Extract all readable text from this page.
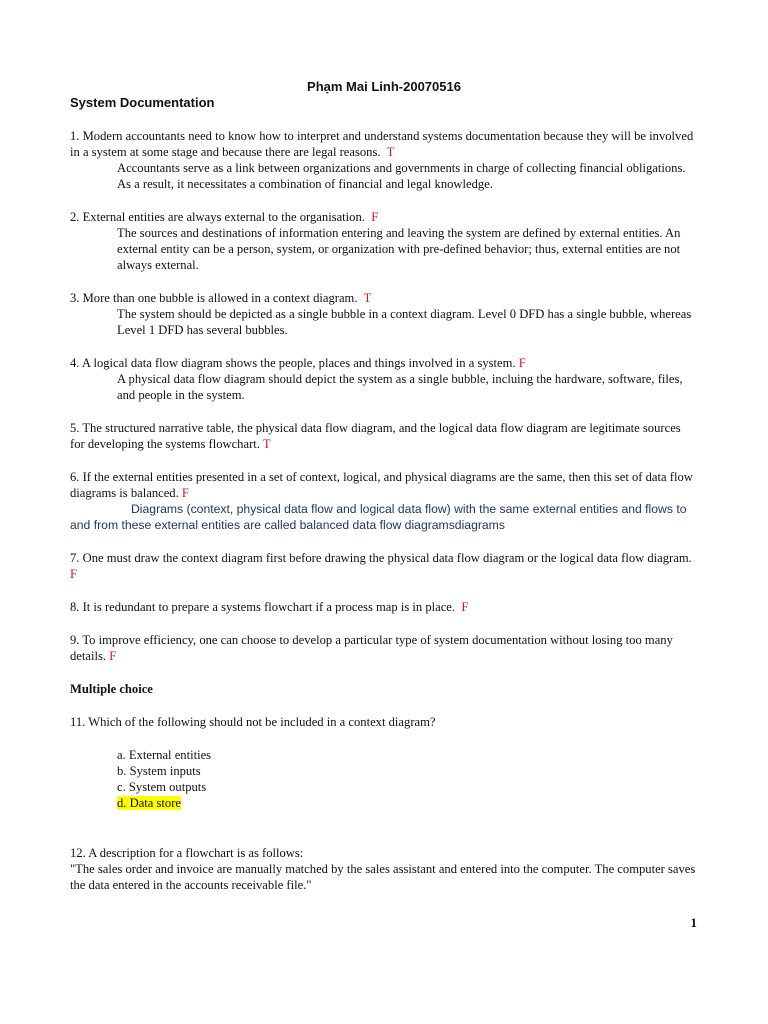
Phạm Mai Linh-20070516
System Documentation

1. Modern accountants need to know how to interpret and understand systems documentation because they will be involved in a system at some stage and because there are legal reasons. T

Accountants serve as a link between organizations and governments in charge of collecting financial obligations. As a result, it necessitates a combination of financial and legal knowledge.

2. External entities are always external to the organisation. F

The sources and destinations of information entering and leaving the system are defined by external entities. An external entity can be a person, system, or organization with pre-defined behavior; thus, external entities are not always external.

3. More than one bubble is allowed in a context diagram. T

The system should be depicted as a single bubble in a context diagram. Level 0 DFD has a single bubble, whereas Level 1 DFD has several bubbles.

4. A logical data flow diagram shows the people, places and things involved in a system. F

A physical data flow diagram should depict the system as a single bubble, incluing the hardware, software, files, and people in the system.

5. The structured narrative table, the physical data flow diagram, and the logical data flow diagram are legitimate sources for developing the systems flowchart. T

6. If the external entities presented in a set of context, logical, and physical diagrams are the same, then this set of data flow diagrams is balanced. F

Diagrams (context, physical data flow and logical data flow) with the same external entities and flows to and from these external entities are called balanced data flow diagramsdiagrams

7. One must draw the context diagram first before drawing the physical data flow diagram or the logical data flow diagram. F

8. It is redundant to prepare a systems flowchart if a process map is in place. F

9. To improve efficiency, one can choose to develop a particular type of system documentation without losing too many details. F

Multiple choice

11. Which of the following should not be included in a context diagram?

a. External entities

b. System inputs

c. System outputs

d. Data store

12. A description for a flowchart is as follows:

"The sales order and invoice are manually matched by the sales assistant and entered into the computer. The computer saves the data entered in the accounts receivable file."

1
